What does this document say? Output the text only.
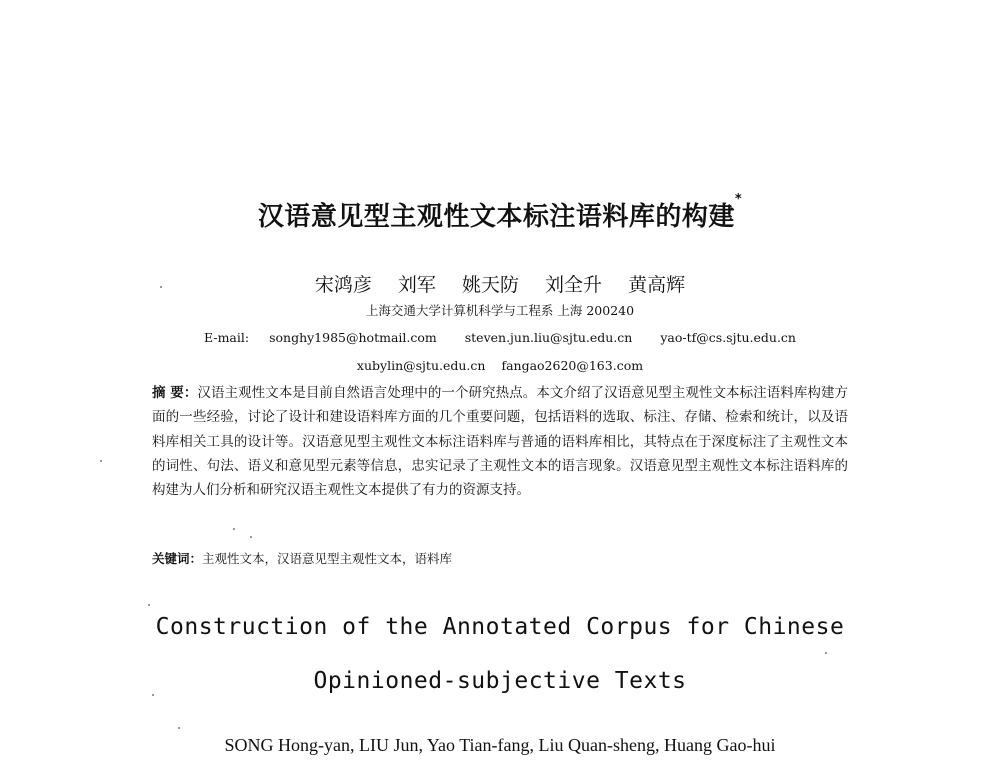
汉语意见型主观性文本标注语料库的构建*
宋鸿彦 刘军 姚天防 刘全升 黄高辉
上海交通大学计算机科学与工程系 上海 200240
E-mail: songhy1985@hotmail.com steven.jun.liu@sjtu.edu.cn yao-tf@cs.sjtu.edu.cn
xubylin@sjtu.edu.cn fangao2620@163.com
摘 要：汉语主观性文本是目前自然语言处理中的一个研究热点。本文介绍了汉语意见型主观性文本标注语料库构建方面的一些经验，讨论了设计和建设语料库方面的几个重要问题，包括语料的选取、标注、存储、检索和统计，以及语料库相关工具的设计等。汉语意见型主观性文本标注语料库与普通的语料库相比，其特点在于深度标注了主观性文本的词性、句法、语义和意见型元素等信息，忠实记录了主观性文本的语言现象。汉语意见型主观性文本标注语料库的构建为人们分析和研究汉语主观性文本提供了有力的资源支持。
关键词：主观性文本，汉语意见型主观性文本，语料库
Construction of the Annotated Corpus for Chinese
Opinioned-subjective Texts
SONG Hong-yan, LIU Jun, Yao Tian-fang, Liu Quan-sheng, Huang Gao-hui
